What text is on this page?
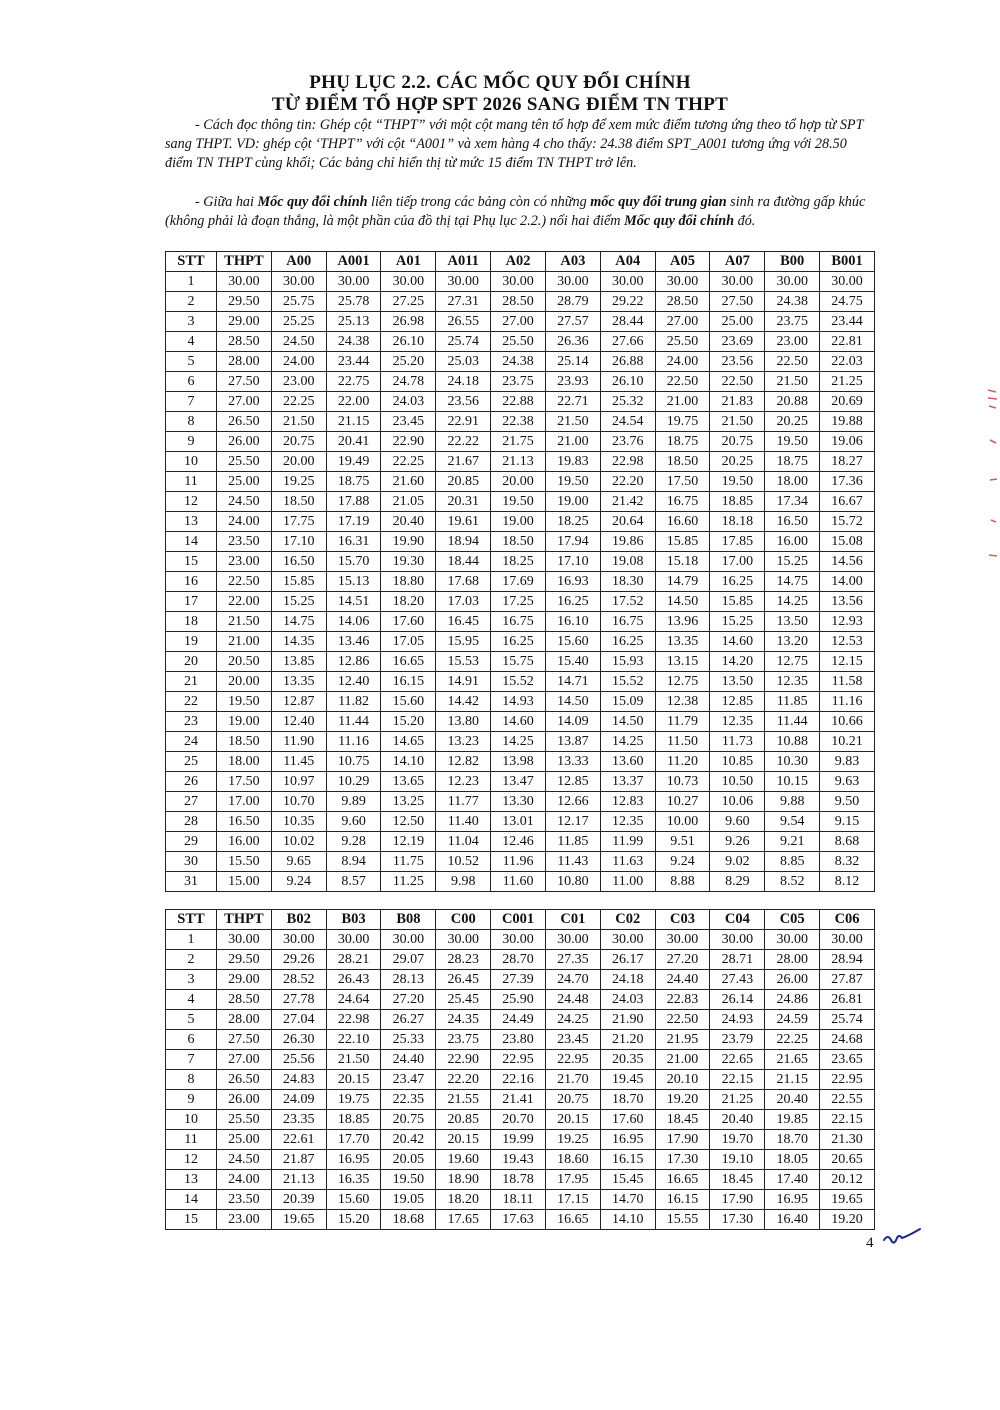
PHỤ LỤC 2.2. CÁC MỐC QUY ĐỔI CHÍNH
TỪ ĐIỂM TỔ HỢP SPT 2026 SANG ĐIỂM TN THPT

- Cách đọc thông tin: Ghép cột “THPT” với một cột mang tên tổ hợp để xem mức điểm tương ứng theo tổ hợp từ SPT sang THPT. VD: ghép cột ‘THPT” với cột “A001” và xem hàng 4 cho thấy: 24.38 điểm SPT_A001 tương ứng với 28.50 điểm TN THPT cùng khối; Các bảng chỉ hiển thị từ mức 15 điểm TN THPT trở lên.

- Giữa hai Mốc quy đổi chính liên tiếp trong các bảng còn có những mốc quy đổi trung gian sinh ra đường gấp khúc (không phải là đoạn thẳng, là một phần của đồ thị tại Phụ lục 2.2.) nối hai điểm Mốc quy đổi chính đó.

STT	THPT	A00	A001	A01	A011	A02	A03	A04	A05	A07	B00	B001
1	30.00	30.00	30.00	30.00	30.00	30.00	30.00	30.00	30.00	30.00	30.00	30.00
2	29.50	25.75	25.78	27.25	27.31	28.50	28.79	29.22	28.50	27.50	24.38	24.75
3	29.00	25.25	25.13	26.98	26.55	27.00	27.57	28.44	27.00	25.00	23.75	23.44
4	28.50	24.50	24.38	26.10	25.74	25.50	26.36	27.66	25.50	23.69	23.00	22.81
5	28.00	24.00	23.44	25.20	25.03	24.38	25.14	26.88	24.00	23.56	22.50	22.03
6	27.50	23.00	22.75	24.78	24.18	23.75	23.93	26.10	22.50	22.50	21.50	21.25
7	27.00	22.25	22.00	24.03	23.56	22.88	22.71	25.32	21.00	21.83	20.88	20.69
8	26.50	21.50	21.15	23.45	22.91	22.38	21.50	24.54	19.75	21.50	20.25	19.88
9	26.00	20.75	20.41	22.90	22.22	21.75	21.00	23.76	18.75	20.75	19.50	19.06
10	25.50	20.00	19.49	22.25	21.67	21.13	19.83	22.98	18.50	20.25	18.75	18.27
11	25.00	19.25	18.75	21.60	20.85	20.00	19.50	22.20	17.50	19.50	18.00	17.36
12	24.50	18.50	17.88	21.05	20.31	19.50	19.00	21.42	16.75	18.85	17.34	16.67
13	24.00	17.75	17.19	20.40	19.61	19.00	18.25	20.64	16.60	18.18	16.50	15.72
14	23.50	17.10	16.31	19.90	18.94	18.50	17.94	19.86	15.85	17.85	16.00	15.08
15	23.00	16.50	15.70	19.30	18.44	18.25	17.10	19.08	15.18	17.00	15.25	14.56
16	22.50	15.85	15.13	18.80	17.68	17.69	16.93	18.30	14.79	16.25	14.75	14.00
17	22.00	15.25	14.51	18.20	17.03	17.25	16.25	17.52	14.50	15.85	14.25	13.56
18	21.50	14.75	14.06	17.60	16.45	16.75	16.10	16.75	13.96	15.25	13.50	12.93
19	21.00	14.35	13.46	17.05	15.95	16.25	15.60	16.25	13.35	14.60	13.20	12.53
20	20.50	13.85	12.86	16.65	15.53	15.75	15.40	15.93	13.15	14.20	12.75	12.15
21	20.00	13.35	12.40	16.15	14.91	15.52	14.71	15.52	12.75	13.50	12.35	11.58
22	19.50	12.87	11.82	15.60	14.42	14.93	14.50	15.09	12.38	12.85	11.85	11.16
23	19.00	12.40	11.44	15.20	13.80	14.60	14.09	14.50	11.79	12.35	11.44	10.66
24	18.50	11.90	11.16	14.65	13.23	14.25	13.87	14.25	11.50	11.73	10.88	10.21
25	18.00	11.45	10.75	14.10	12.82	13.98	13.33	13.60	11.20	10.85	10.30	9.83
26	17.50	10.97	10.29	13.65	12.23	13.47	12.85	13.37	10.73	10.50	10.15	9.63
27	17.00	10.70	9.89	13.25	11.77	13.30	12.66	12.83	10.27	10.06	9.88	9.50
28	16.50	10.35	9.60	12.50	11.40	13.01	12.17	12.35	10.00	9.60	9.54	9.15
29	16.00	10.02	9.28	12.19	11.04	12.46	11.85	11.99	9.51	9.26	9.21	8.68
30	15.50	9.65	8.94	11.75	10.52	11.96	11.43	11.63	9.24	9.02	8.85	8.32
31	15.00	9.24	8.57	11.25	9.98	11.60	10.80	11.00	8.88	8.29	8.52	8.12
STT	THPT	B02	B03	B08	C00	C001	C01	C02	C03	C04	C05	C06
1	30.00	30.00	30.00	30.00	30.00	30.00	30.00	30.00	30.00	30.00	30.00	30.00
2	29.50	29.26	28.21	29.07	28.23	28.70	27.35	26.17	27.20	28.71	28.00	28.94
3	29.00	28.52	26.43	28.13	26.45	27.39	24.70	24.18	24.40	27.43	26.00	27.87
4	28.50	27.78	24.64	27.20	25.45	25.90	24.48	24.03	22.83	26.14	24.86	26.81
5	28.00	27.04	22.98	26.27	24.35	24.49	24.25	21.90	22.50	24.93	24.59	25.74
6	27.50	26.30	22.10	25.33	23.75	23.80	23.45	21.20	21.95	23.79	22.25	24.68
7	27.00	25.56	21.50	24.40	22.90	22.95	22.95	20.35	21.00	22.65	21.65	23.65
8	26.50	24.83	20.15	23.47	22.20	22.16	21.70	19.45	20.10	22.15	21.15	22.95
9	26.00	24.09	19.75	22.35	21.55	21.41	20.75	18.70	19.20	21.25	20.40	22.55
10	25.50	23.35	18.85	20.75	20.85	20.70	20.15	17.60	18.45	20.40	19.85	22.15
11	25.00	22.61	17.70	20.42	20.15	19.99	19.25	16.95	17.90	19.70	18.70	21.30
12	24.50	21.87	16.95	20.05	19.60	19.43	18.60	16.15	17.30	19.10	18.05	20.65
13	24.00	21.13	16.35	19.50	18.90	18.78	17.95	15.45	16.65	18.45	17.40	20.12
14	23.50	20.39	15.60	19.05	18.20	18.11	17.15	14.70	16.15	17.90	16.95	19.65
15	23.00	19.65	15.20	18.68	17.65	17.63	16.65	14.10	15.55	17.30	16.40	19.20
4
